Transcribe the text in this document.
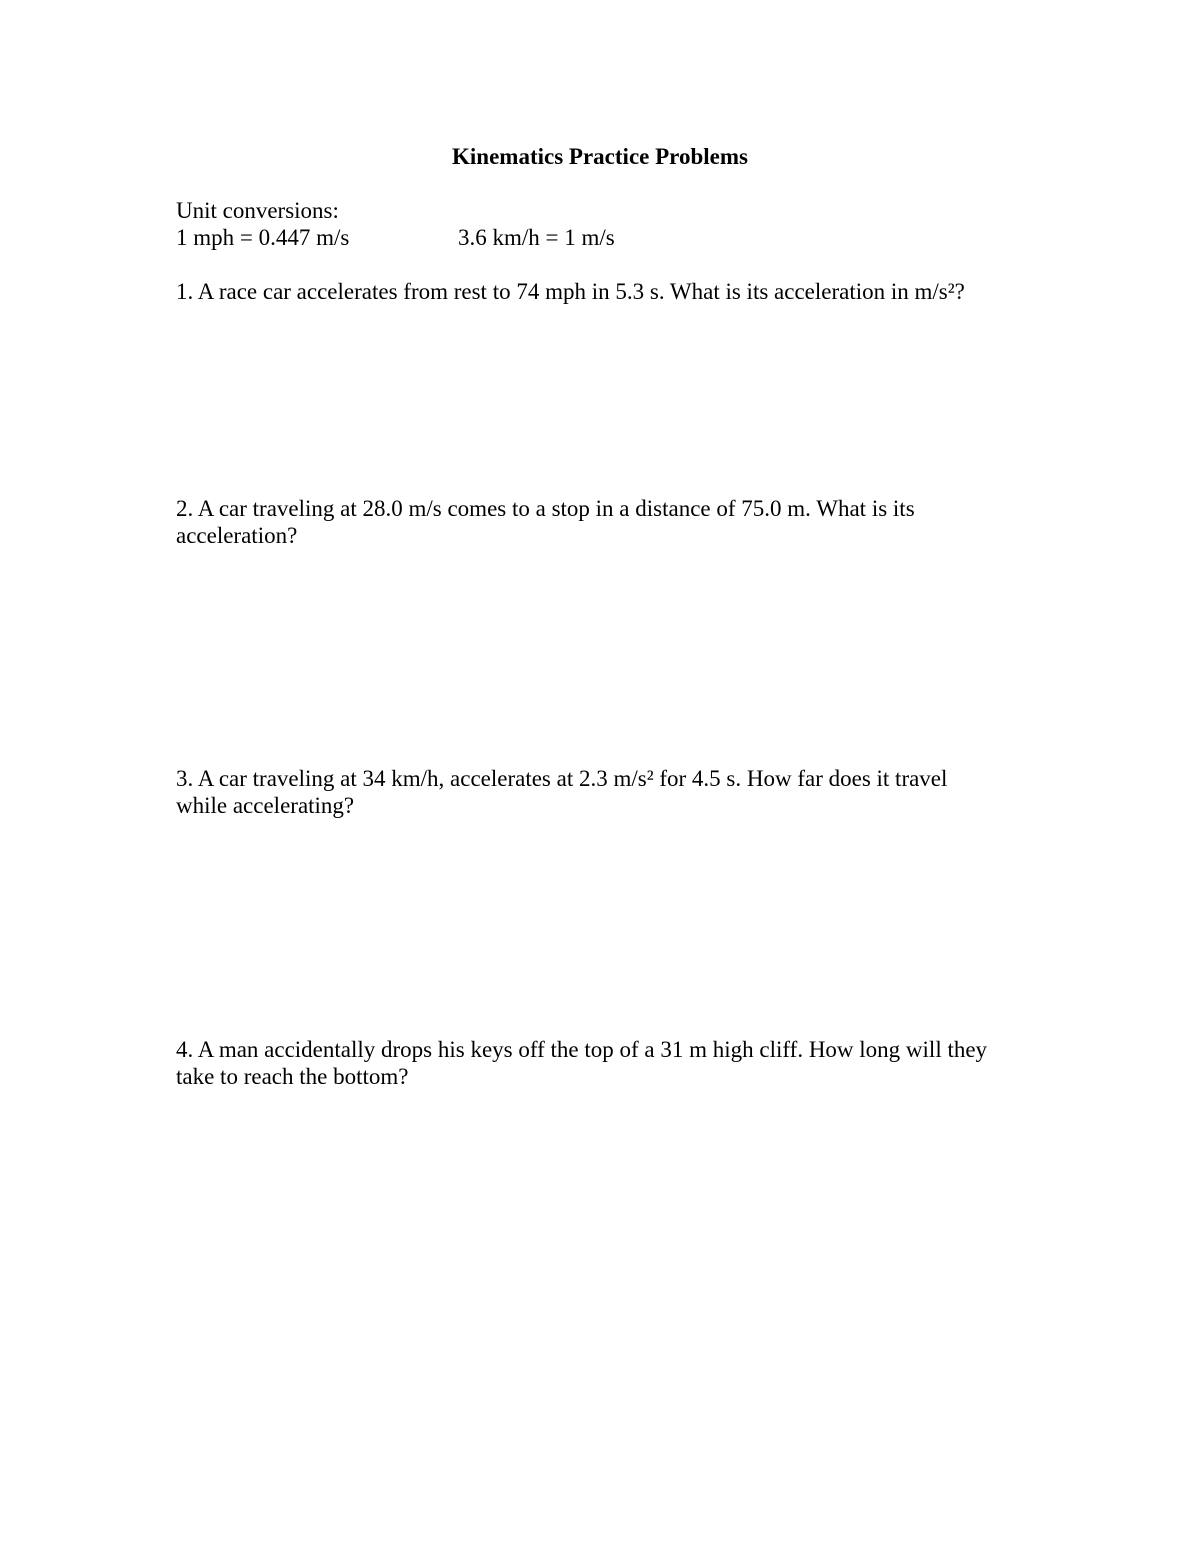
Kinematics Practice Problems
Unit conversions:
1 mph = 0.447 m/s	3.6 km/h = 1 m/s
1. A race car accelerates from rest to 74 mph in 5.3 s. What is its acceleration in m/s²?
2. A car traveling at 28.0 m/s comes to a stop in a distance of 75.0 m. What is its
acceleration?
3. A car traveling at 34 km/h, accelerates at 2.3 m/s² for 4.5 s. How far does it travel
while accelerating?
4. A man accidentally drops his keys off the top of a 31 m high cliff. How long will they
take to reach the bottom?
